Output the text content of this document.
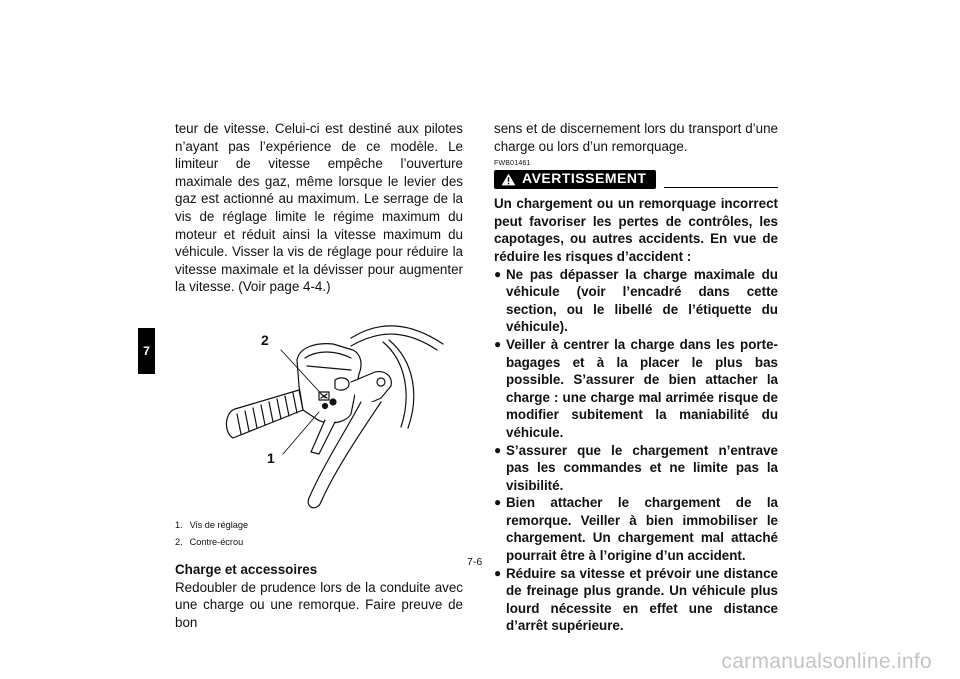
7

teur de vitesse. Celui-ci est destiné aux pilotes n’ayant pas l’expérience de ce modèle. Le limiteur de vitesse empêche l’ouverture maximale des gaz, même lorsque le levier des gaz est actionné au maximum. Le serrage de la vis de réglage limite le régime maximum du moteur et réduit ainsi la vitesse maximum du véhicule. Visser la vis de réglage pour réduire la vitesse maximale et la dévisser pour augmenter la vitesse. (Voir page 4-4.)

2
1
1. Vis de réglage
2. Contre-écrou
Charge et accessoires

Redoubler de prudence lors de la conduite avec une charge ou une remorque. Faire preuve de bon

sens et de discernement lors du transport d’une charge ou lors d’un remorquage.

FWB01461
AVERTISSEMENT

Un chargement ou un remorquage incorrect peut favoriser les pertes de contrôles, les capotages, ou autres accidents. En vue de réduire les risques d’accident :

● Ne pas dépasser la charge maximale du véhicule (voir l’encadré dans cette section, ou le libellé de l’étiquette du véhicule).
● Veiller à centrer la charge dans les porte-bagages et à la placer le plus bas possible. S’assurer de bien attacher la charge : une charge mal arrimée risque de modifier subitement la maniabilité du véhicule.
● S’assurer que le chargement n’entrave pas les commandes et ne limite pas la visibilité.
● Bien attacher le chargement de la remorque. Veiller à bien immobiliser le chargement. Un chargement mal attaché pourrait être à l’origine d’un accident.
● Réduire sa vitesse et prévoir une distance de freinage plus grande. Un véhicule plus lourd nécessite en effet une distance d’arrêt supérieure.
7-6
carmanualsonline.info
